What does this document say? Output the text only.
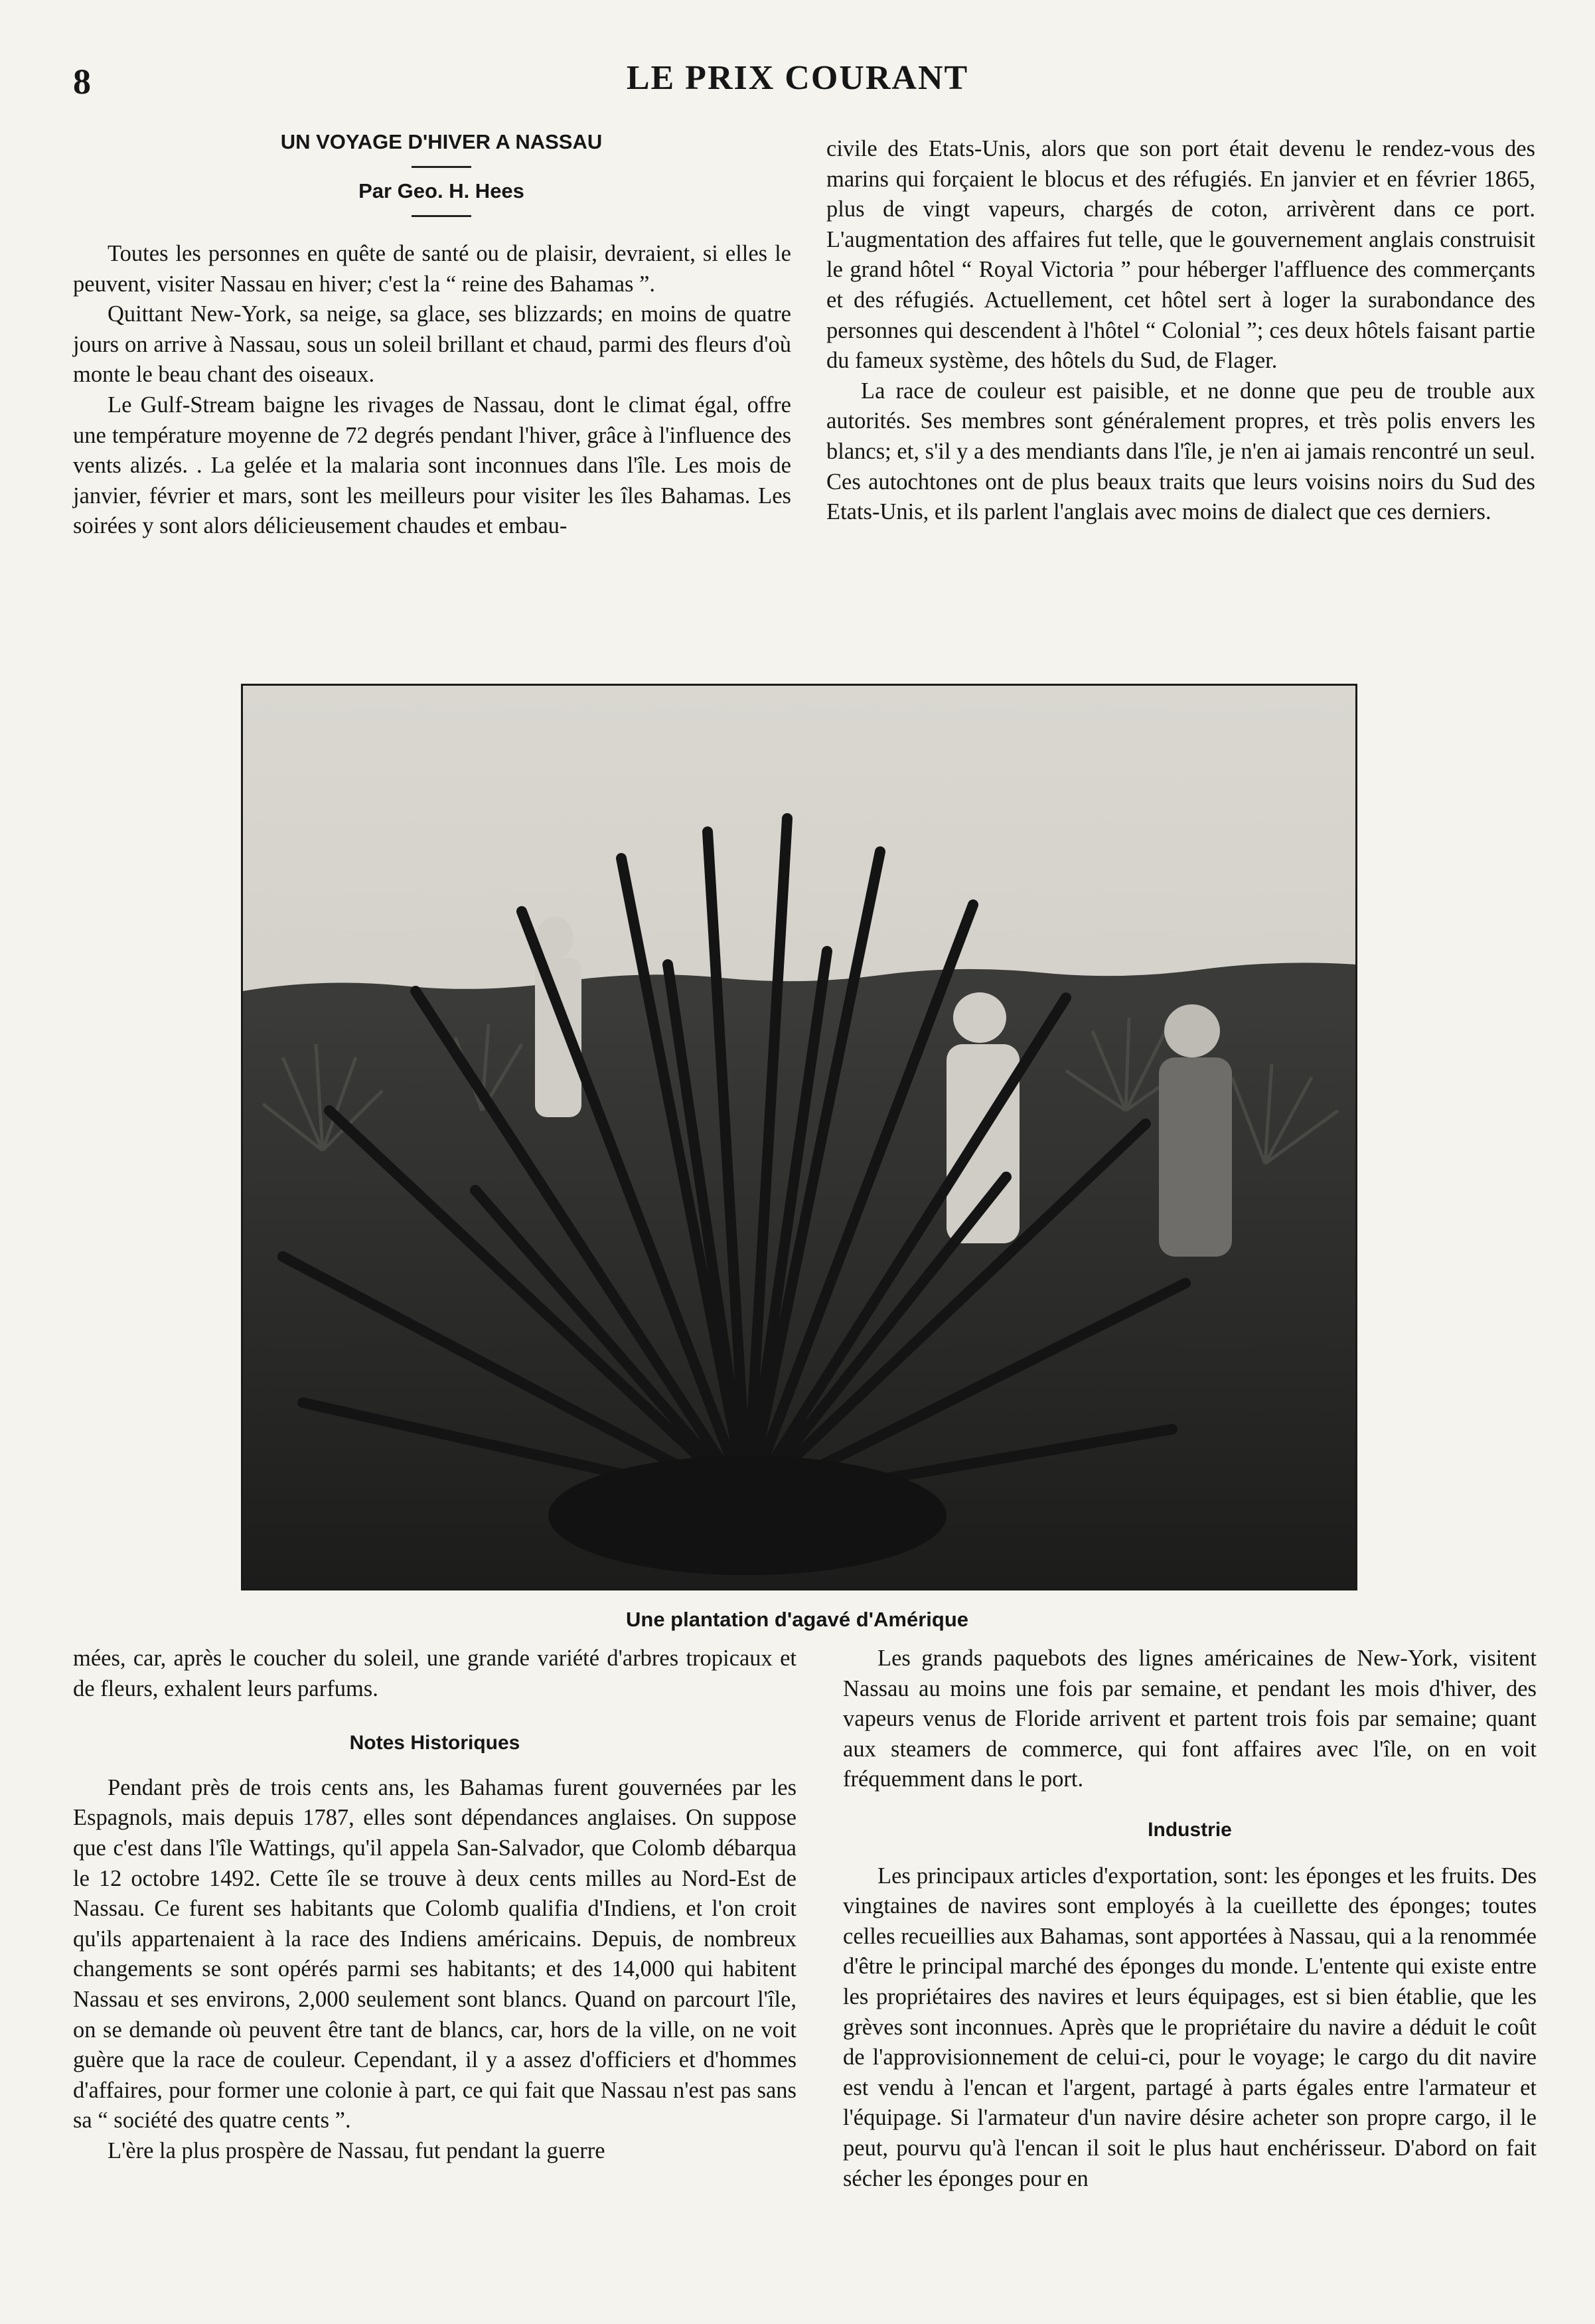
8	LE PRIX COURANT
UN VOYAGE D'HIVER A NASSAU
Par Geo. H. Hees

Toutes les personnes en quête de santé ou de plaisir, devraient, si elles le peuvent, visiter Nassau en hiver; c'est la “ reine des Bahamas ”.

Quittant New-York, sa neige, sa glace, ses blizzards; en moins de quatre jours on arrive à Nassau, sous un soleil brillant et chaud, parmi des fleurs d'où monte le beau chant des oiseaux.

Le Gulf-Stream baigne les rivages de Nassau, dont le climat égal, offre une température moyenne de 72 degrés pendant l'hiver, grâce à l'influence des vents alizés. . La gelée et la malaria sont inconnues dans l'île. Les mois de janvier, février et mars, sont les meilleurs pour visiter les îles Bahamas. Les soirées y sont alors délicieusement chaudes et embau-

civile des Etats-Unis, alors que son port était devenu le rendez-vous des marins qui forçaient le blocus et des réfugiés. En janvier et en février 1865, plus de vingt vapeurs, chargés de coton, arrivèrent dans ce port. L'augmentation des affaires fut telle, que le gouvernement anglais construisit le grand hôtel “ Royal Victoria ” pour héberger l'affluence des commerçants et des réfugiés. Actuellement, cet hôtel sert à loger la surabondance des personnes qui descendent à l'hôtel “ Colonial ”; ces deux hôtels faisant partie du fameux système, des hôtels du Sud, de Flager.

La race de couleur est paisible, et ne donne que peu de trouble aux autorités. Ses membres sont généralement propres, et très polis envers les blancs; et, s'il y a des mendiants dans l'île, je n'en ai jamais rencontré un seul. Ces autochtones ont de plus beaux traits que leurs voisins noirs du Sud des Etats-Unis, et ils parlent l'anglais avec moins de dialect que ces derniers.

Une plantation d'agavé d'Amérique

mées, car, après le coucher du soleil, une grande variété d'arbres tropicaux et de fleurs, exhalent leurs parfums.

Notes Historiques

Pendant près de trois cents ans, les Bahamas furent gouvernées par les Espagnols, mais depuis 1787, elles sont dépendances anglaises. On suppose que c'est dans l'île Wattings, qu'il appela San-Salvador, que Colomb débarqua le 12 octobre 1492. Cette île se trouve à deux cents milles au Nord-Est de Nassau. Ce furent ses habitants que Colomb qualifia d'Indiens, et l'on croit qu'ils appartenaient à la race des Indiens américains. Depuis, de nombreux changements se sont opérés parmi ses habitants; et des 14,000 qui habitent Nassau et ses environs, 2,000 seulement sont blancs. Quand on parcourt l'île, on se demande où peuvent être tant de blancs, car, hors de la ville, on ne voit guère que la race de couleur. Cependant, il y a assez d'officiers et d'hommes d'affaires, pour former une colonie à part, ce qui fait que Nassau n'est pas sans sa “ société des quatre cents ”.

L'ère la plus prospère de Nassau, fut pendant la guerre

Les grands paquebots des lignes américaines de New-York, visitent Nassau au moins une fois par semaine, et pendant les mois d'hiver, des vapeurs venus de Floride arrivent et partent trois fois par semaine; quant aux steamers de commerce, qui font affaires avec l'île, on en voit fréquemment dans le port.

Industrie

Les principaux articles d'exportation, sont: les éponges et les fruits. Des vingtaines de navires sont employés à la cueillette des éponges; toutes celles recueillies aux Bahamas, sont apportées à Nassau, qui a la renommée d'être le principal marché des éponges du monde. L'entente qui existe entre les propriétaires des navires et leurs équipages, est si bien établie, que les grèves sont inconnues. Après que le propriétaire du navire a déduit le coût de l'approvisionnement de celui-ci, pour le voyage; le cargo du dit navire est vendu à l'encan et l'argent, partagé à parts égales entre l'armateur et l'équipage. Si l'armateur d'un navire désire acheter son propre cargo, il le peut, pourvu qu'à l'encan il soit le plus haut enchérisseur. D'abord on fait sécher les éponges pour en
